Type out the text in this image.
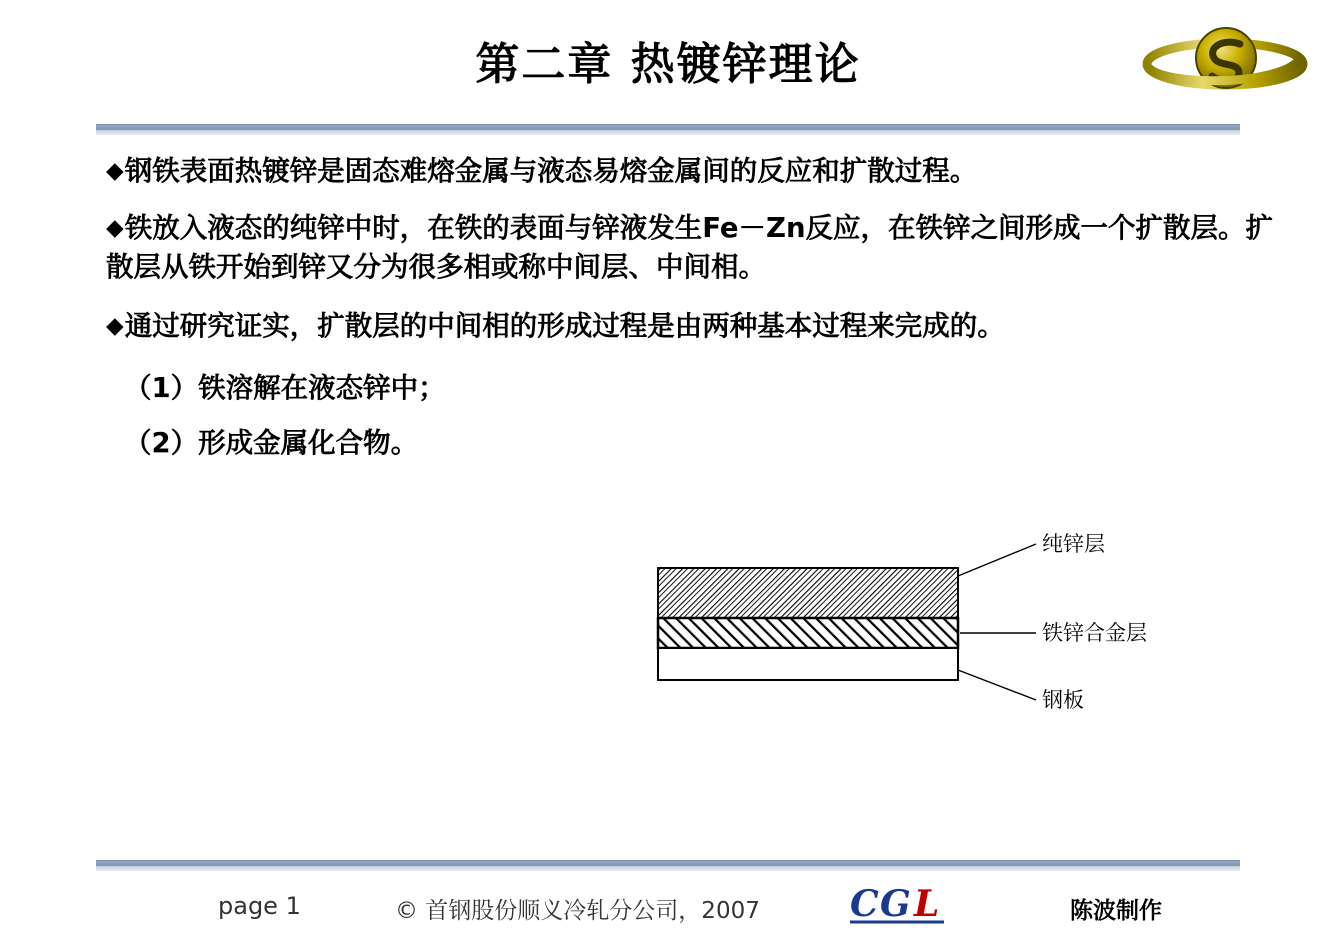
第二章 热镀锌理论
◆钢铁表面热镀锌是固态难熔金属与液态易熔金属间的反应和扩散过程。
◆铁放入液态的纯锌中时，在铁的表面与锌液发生Fe－Zn反应，在铁锌之间形成一个扩散层。扩散层从铁开始到锌又分为很多相或称中间层、中间相。
◆通过研究证实，扩散层的中间相的形成过程是由两种基本过程来完成的。
（1）铁溶解在液态锌中；
（2）形成金属化合物。
纯锌层
铁锌合金层
钢板
page 1	© 首钢股份顺义冷轧分公司，2007	C G L	陈波制作
